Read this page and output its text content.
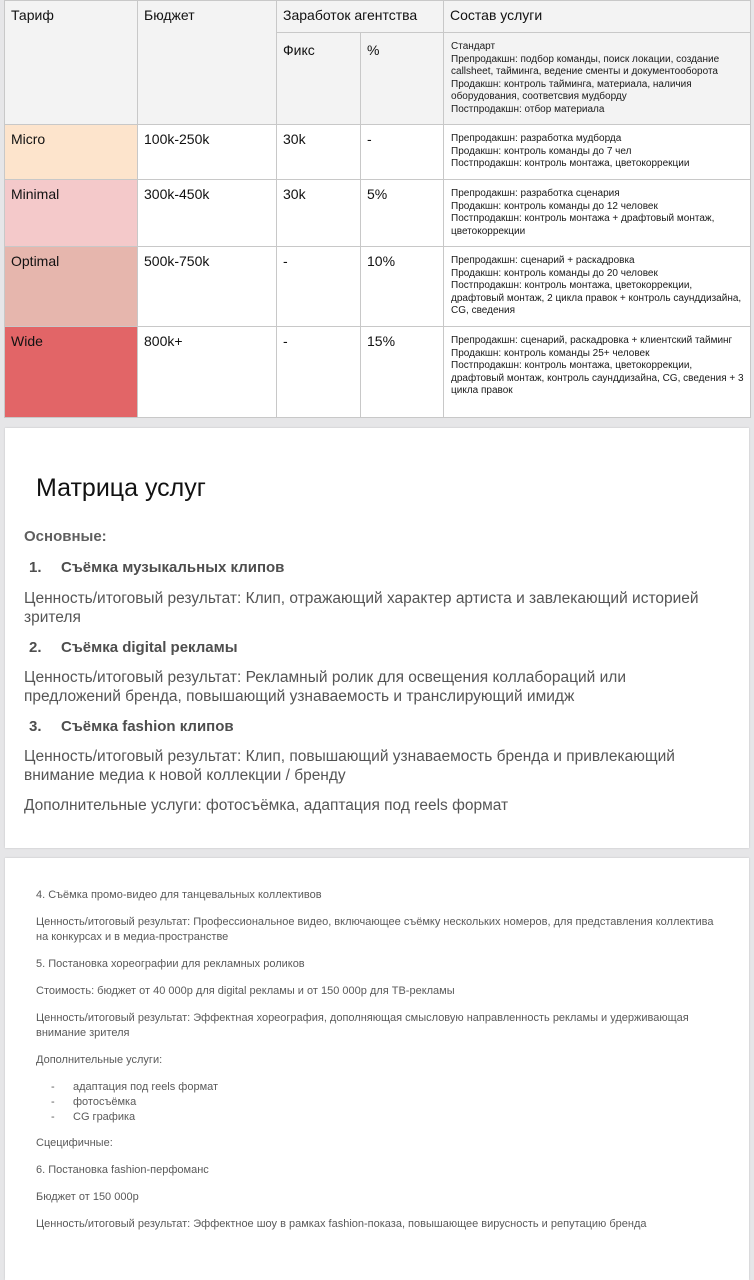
Тариф	Бюджет	Заработок агентства		Состав услуги
		Фикс	%	Стандарт
Препродакшн: подбор команды, поиск локации, создание callsheet, тайминга, ведение сменты и документооборота
Продакшн: контроль тайминга, материала, наличия оборудования, соответсвия мудборду
Постпродакшн: отбор материала

Micro	100k-250k	30k	-	Препродакшн: разработка мудборда
Продакшн: контроль команды до 7 чел
Постпродакшн: контроль монтажа, цветокоррекции

Minimal	300k-450k	30k	5%	Препродакшн: разработка сценария
Продакшн: контроль команды до 12 человек
Постпродакшн: контроль монтажа + драфтовый монтаж, цветокоррекции

Optimal	500k-750k	-	10%	Препродакшн: сценарий + раскадровка
Продакшн: контроль команды до 20 человек
Постпродакшн: контроль монтажа, цветокоррекции, драфтовый монтаж, 2 цикла правок + контроль саунддизайна, CG, сведения

Wide	800k+	-	15%	Препродакшн: сценарий, раскадровка + клиентский тайминг
Продакшн: контроль команды 25+ человек
Постпродакшн: контроль монтажа, цветокоррекции, драфтовый монтаж, контроль саунддизайна, CG, сведения + 3 цикла правок
Матрица услуг
Основные:
1. Съёмка музыкальных клипов
Ценность/итоговый результат: Клип, отражающий характер артиста и завлекающий историей зрителя
2. Съёмка digital рекламы
Ценность/итоговый результат: Рекламный ролик для освещения коллабораций или предложений бренда, повышающий узнаваемость и транслирующий имидж
3. Съёмка fashion клипов
Ценность/итоговый результат: Клип, повышающий узнаваемость бренда и привлекающий внимание медиа к новой коллекции / бренду
Дополнительные услуги: фотосъёмка, адаптация под reels формат
4. Съёмка промо-видео для танцевальных коллективов
Ценность/итоговый результат: Профессиональное видео, включающее съёмку нескольких номеров, для представления коллектива на конкурсах и в медиа-пространстве
5. Постановка хореографии для рекламных роликов
Стоимость: бюджет от 40 000р для digital рекламы и от 150 000р для ТВ-рекламы
Ценность/итоговый результат: Эффектная хореография, дополняющая смысловую направленность рекламы и удерживающая внимание зрителя
Дополнительные услуги:
-	адаптация под reels формат
-	фотосъёмка
-	CG графика
Сцецифичные:
6. Постановка fashion-перфоманс
Бюджет от 150 000р
Ценность/итоговый результат: Эффектное шоу в рамках fashion-показа, повышающее вирусность и репутацию бренда
